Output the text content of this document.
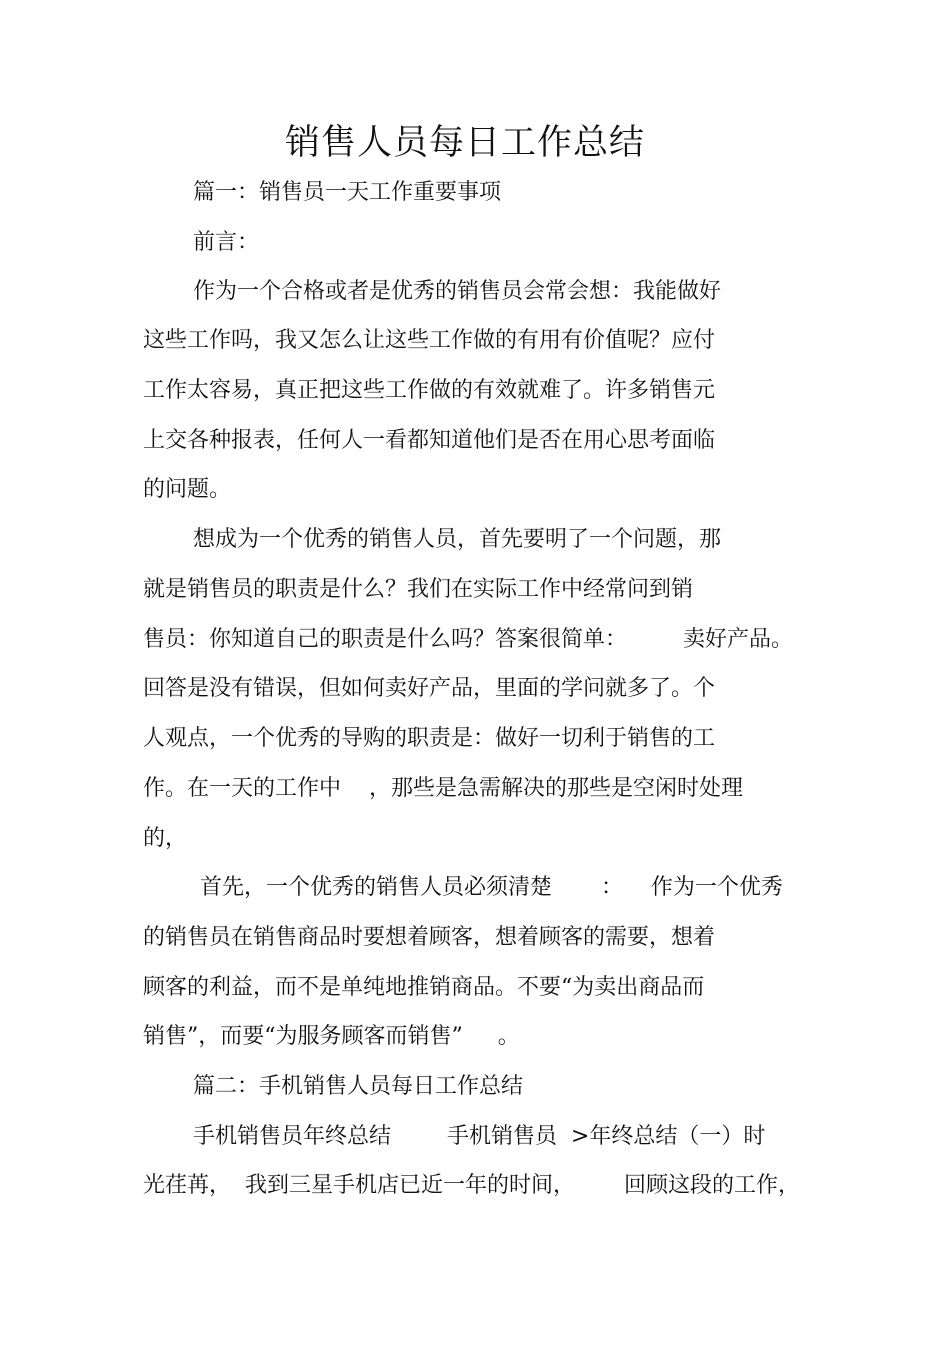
销售人员每日工作总结
篇一：销售员一天工作重要事项
前言：
作为一个合格或者是优秀的销售员会常会想：我能做好
这些工作吗，我又怎么让这些工作做的有用有价值呢？应付
工作太容易，真正把这些工作做的有效就难了。许多销售元
上交各种报表，任何人一看都知道他们是否在用心思考面临
的问题。
想成为一个优秀的销售人员，首先要明了一个问题，那
就是销售员的职责是什么？我们在实际工作中经常问到销
售员：你知道自己的职责是什么吗？答案很简单：        卖好产品。
回答是没有错误，但如何卖好产品，里面的学问就多了。个
人观点，一个优秀的导购的职责是：做好一切利于销售的工
作。在一天的工作中    ，那些是急需解决的那些是空闲时处理
的，
首先，一个优秀的销售人员必须清楚       ：    作为一个优秀
的销售员在销售商品时要想着顾客，想着顾客的需要，想着
顾客的利益，而不是单纯地推销商品。不要“为卖出商品而
销售”，而要“为服务顾客而销售”     。
篇二：手机销售人员每日工作总结
手机销售员年终总结        手机销售员  >年终总结（一）时
光荏苒，  我到三星手机店已近一年的时间，       回顾这段的工作，
